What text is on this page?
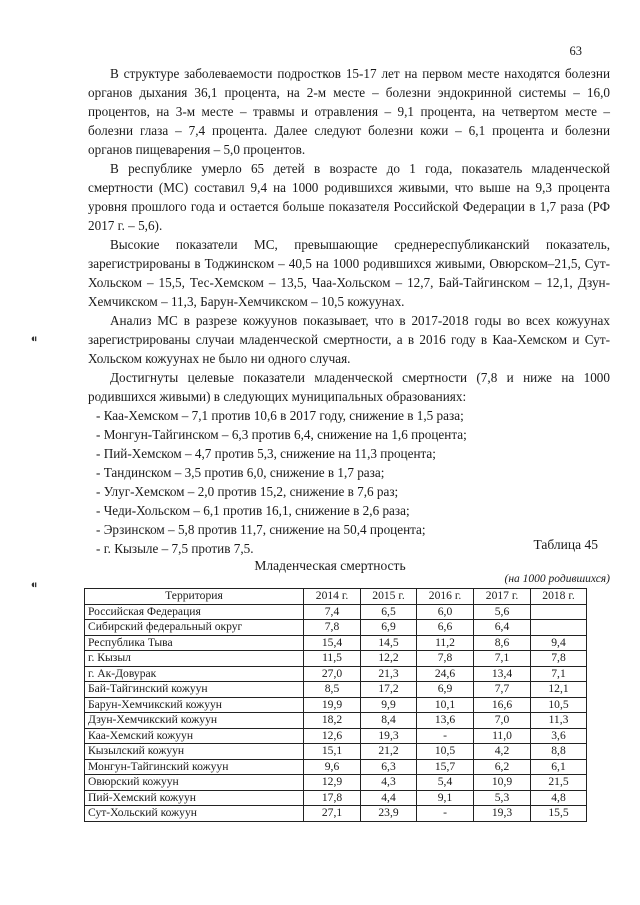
63
⁌
⁌

В структуре заболеваемости подростков 15-17 лет на первом месте находятся болезни органов дыхания 36,1 процента, на 2-м месте – болезни эндокринной системы – 16,0 процентов, на 3-м месте – травмы и отравления – 9,1 процента, на четвертом месте – болезни глаза – 7,4 процента. Далее следуют болезни кожи – 6,1 процента и болезни органов пищеварения – 5,0 процентов.

В республике умерло 65 детей в возрасте до 1 года, показатель младенческой смертности (МС) составил 9,4 на 1000 родившихся живыми, что выше на 9,3 процента уровня прошлого года и остается больше показателя Российской Федерации в 1,7 раза (РФ 2017 г. – 5,6).

Высокие показатели МС, превышающие среднереспубликанский показатель, зарегистрированы в Тоджинском – 40,5 на 1000 родившихся живыми, Овюрском–21,5, Сут-Хольском – 15,5, Тес-Хемском – 13,5, Чаа-Хольском – 12,7, Бай-Тайгинском – 12,1, Дзун-Хемчикском – 11,3, Барун-Хемчикском – 10,5 кожуунах.

Анализ МС в разрезе кожуунов показывает, что в 2017-2018 годы во всех кожуунах зарегистрированы случаи младенческой смертности, а в 2016 году в Каа-Хемском и Сут-Хольском кожуунах не было ни одного случая.

Достигнуты целевые показатели младенческой смертности (7,8 и ниже на 1000 родившихся живыми) в следующих муниципальных образованиях:

- Каа-Хемском – 7,1 против 10,6 в 2017 году, снижение в 1,5 раза;
- Монгун-Тайгинском – 6,3 против 6,4, снижение на 1,6 процента;
- Пий-Хемском – 4,7 против 5,3, снижение на 11,3 процента;
- Тандинском – 3,5 против 6,0, снижение в 1,7 раза;
- Улуг-Хемском – 2,0 против 15,2, снижение в 7,6 раз;
- Чеди-Хольском – 6,1 против 16,1, снижение в 2,6 раза;
- Эрзинском – 5,8 против 11,7, снижение на 50,4 процента;
- г. Кызыле – 7,5 против 7,5.	Таблица 45
Младенческая смертность
(на 1000 родившихся)
Территория	2014 г.	2015 г.	2016 г.	2017 г.	2018 г.
Российская Федерация	7,4	6,5	6,0	5,6	
Сибирский федеральный округ	7,8	6,9	6,6	6,4	
Республика Тыва	15,4	14,5	11,2	8,6	9,4
г. Кызыл	11,5	12,2	7,8	7,1	7,8
г. Ак-Довурак	27,0	21,3	24,6	13,4	7,1
Бай-Тайгинский кожуун	8,5	17,2	6,9	7,7	12,1
Барун-Хемчикский кожуун	19,9	9,9	10,1	16,6	10,5
Дзун-Хемчикский кожуун	18,2	8,4	13,6	7,0	11,3
Каа-Хемский кожуун	12,6	19,3	-	11,0	3,6
Кызылский кожуун	15,1	21,2	10,5	4,2	8,8
Монгун-Тайгинский кожуун	9,6	6,3	15,7	6,2	6,1
Овюрский кожуун	12,9	4,3	5,4	10,9	21,5
Пий-Хемский кожуун	17,8	4,4	9,1	5,3	4,8
Сут-Хольский кожуун	27,1	23,9	-	19,3	15,5
